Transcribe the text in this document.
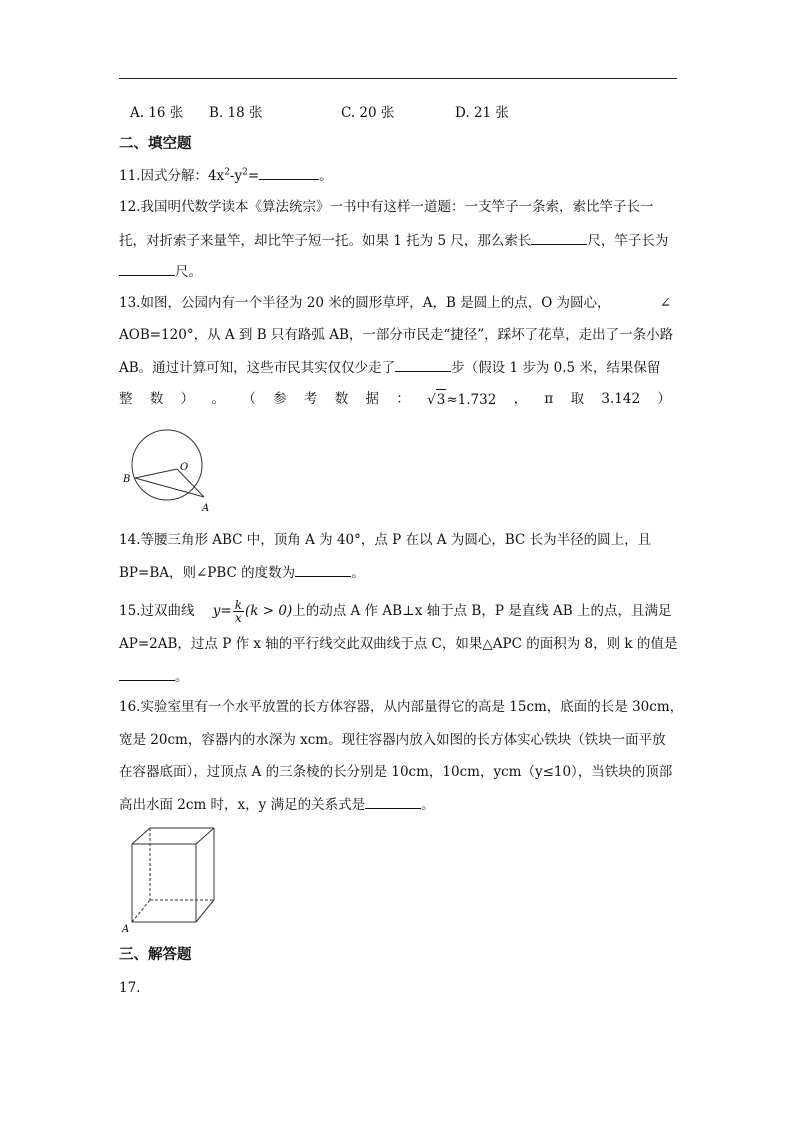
A. 16 张 B. 18 张	C. 20 张	D. 21 张
二、填空题
11.因式分解：$4x^2-y^2=$	。
12.我国明代数学读本《算法统宗》一书中有这样一道题：一支竿子一条索，索比竿子长一
托，对折索子来量竿，却比竿子短一托。如果 1 托为 5 尺，那么索长	尺，竿子长为
尺。
13.如图，公园内有一个半径为 20 米的圆形草坪，A，B 是圆上的点，O 为圆心，	∠
AOB=120°，从 A 到 B 只有路弧 AB，一部分市民走“捷径”，踩坏了花草，走出了一条小路
AB。通过计算可知，这些市民其实仅仅少走了	步（假设 1 步为 0.5 米，结果保留
整 数 ） 。 （ 参 考 数 据 ： √ 3 ≈1.732 ， π 取 3.142 ）
B
O
A
14.等腰三角形 ABC 中，顶角 A 为 40°，点 P 在以 A 为圆心，BC 长为半径的圆上，且
BP=BA，则∠PBC 的度数为	。
15.过双曲线 $y= \frac{k}{x} (k > 0)$上的动点 A 作 AB⊥x 轴于点 B，P 是直线 AB 上的点，且满足
AP=2AB，过点 P 作 x 轴的平行线交此双曲线于点 C，如果△APC 的面积为 8，则 k 的值是
。
16.实验室里有一个水平放置的长方体容器，从内部量得它的高是 15cm，底面的长是 30cm，
宽是 20cm，容器内的水深为 xcm。现往容器内放入如图的长方体实心铁块（铁块一面平放
在容器底面），过顶点 A 的三条棱的长分别是 10cm，10cm，ycm（y≤10），当铁块的顶部
高出水面 2cm 时，x，y 满足的关系式是	。
A
三、解答题
17.
